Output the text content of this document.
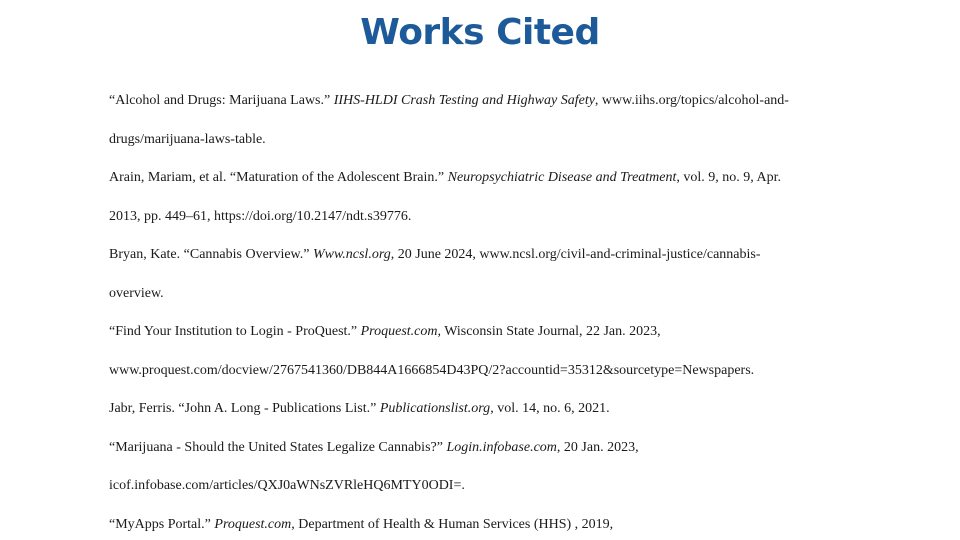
Works Cited
“Alcohol and Drugs: Marijuana Laws.” IIHS-HLDI Crash Testing and Highway Safety, www.iihs.org/topics/alcohol-and-
drugs/marijuana-laws-table.
Arain, Mariam, et al. “Maturation of the Adolescent Brain.” Neuropsychiatric Disease and Treatment, vol. 9, no. 9, Apr.
2013, pp. 449–61, https://doi.org/10.2147/ndt.s39776.
Bryan, Kate. “Cannabis Overview.” Www.ncsl.org, 20 June 2024, www.ncsl.org/civil-and-criminal-justice/cannabis-
overview.
“Find Your Institution to Login - ProQuest.” Proquest.com, Wisconsin State Journal, 22 Jan. 2023,
www.proquest.com/docview/2767541360/DB844A1666854D43PQ/2?accountid=35312&sourcetype=Newspapers.
Jabr, Ferris. “John A. Long - Publications List.” Publicationslist.org, vol. 14, no. 6, 2021.
“Marijuana - Should the United States Legalize Cannabis?” Login.infobase.com, 20 Jan. 2023,
icof.infobase.com/articles/QXJ0aWNsZVRleHQ6MTY0ODI=.
“MyApps Portal.” Proquest.com, Department of Health & Human Services (HHS) , 2019,
